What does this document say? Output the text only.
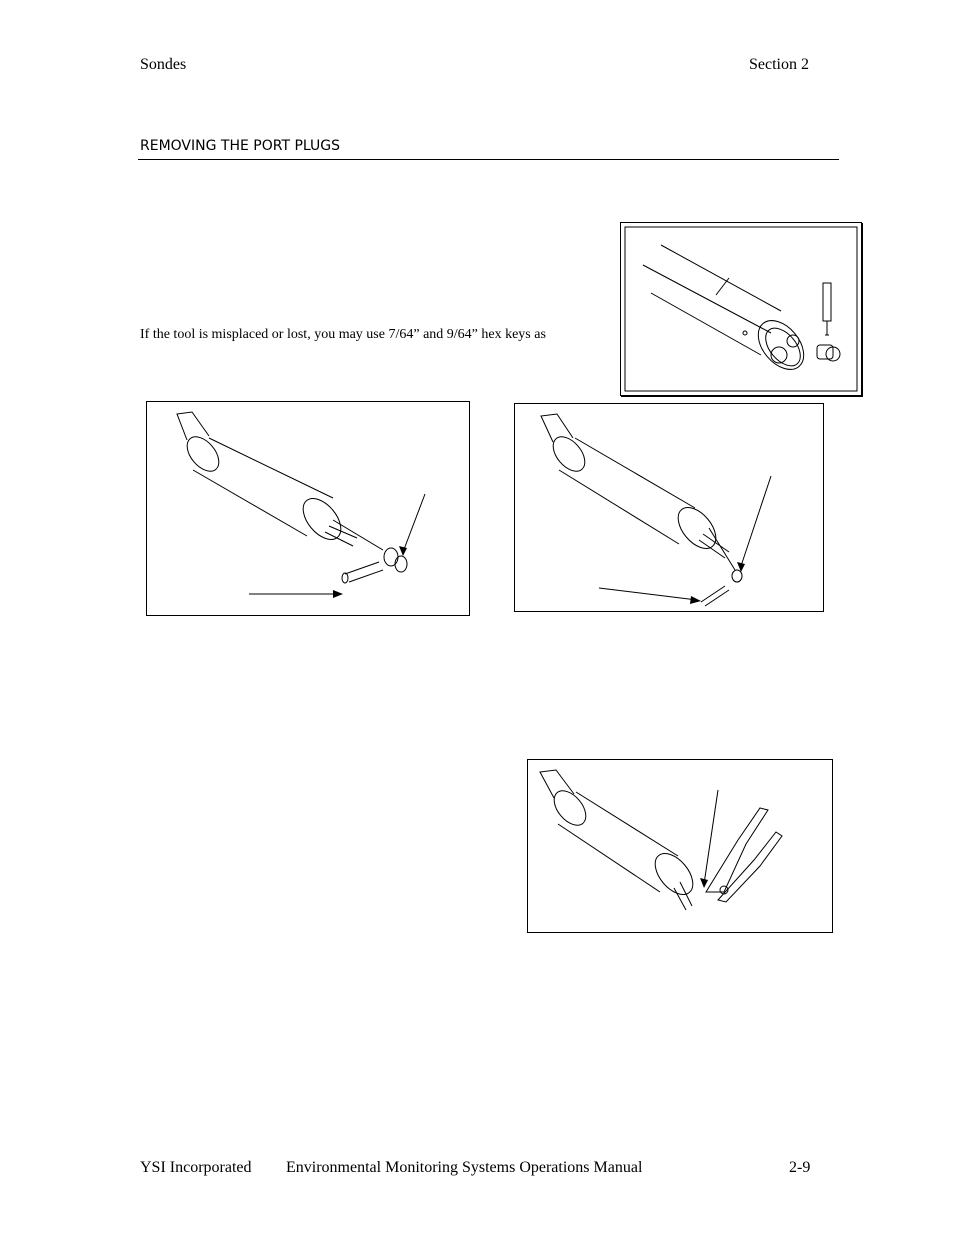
Sondes	Section 2
REMOVING THE PORT PLUGS
If the tool is misplaced or lost, you may use 7/64” and 9/64” hex keys as
YSI Incorporated Environmental Monitoring Systems Operations Manual	2-9
